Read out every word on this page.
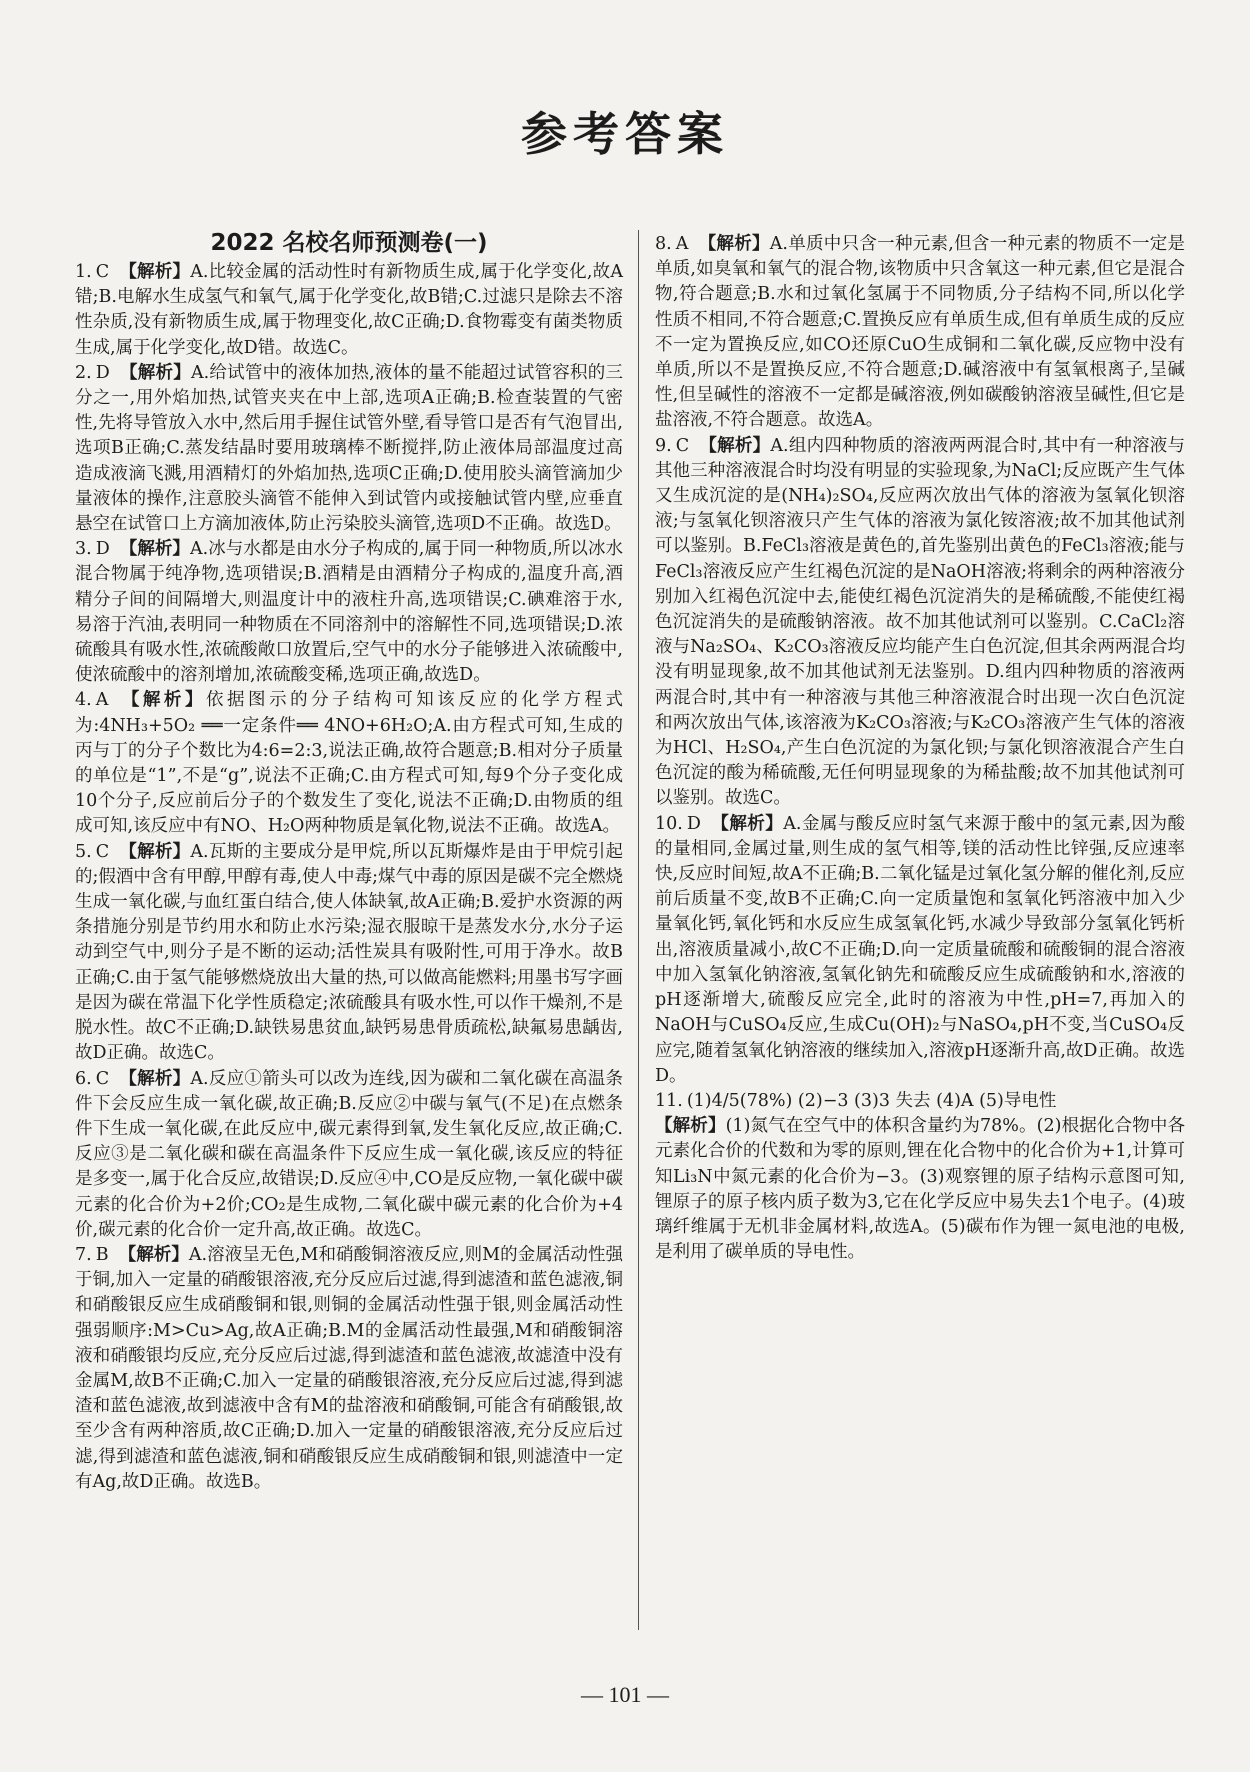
参考答案
2022 名校名师预测卷(一)

1. C 【解析】A.比较金属的活动性时有新物质生成,属于化学变化,故A错;B.电解水生成氢气和氧气,属于化学变化,故B错;C.过滤只是除去不溶性杂质,没有新物质生成,属于物理变化,故C正确;D.食物霉变有菌类物质生成,属于化学变化,故D错。故选C。

2. D 【解析】A.给试管中的液体加热,液体的量不能超过试管容积的三分之一,用外焰加热,试管夹夹在中上部,选项A正确;B.检查装置的气密性,先将导管放入水中,然后用手握住试管外壁,看导管口是否有气泡冒出,选项B正确;C.蒸发结晶时要用玻璃棒不断搅拌,防止液体局部温度过高造成液滴飞溅,用酒精灯的外焰加热,选项C正确;D.使用胶头滴管滴加少量液体的操作,注意胶头滴管不能伸入到试管内或接触试管内壁,应垂直悬空在试管口上方滴加液体,防止污染胶头滴管,选项D不正确。故选D。

3. D 【解析】A.冰与水都是由水分子构成的,属于同一种物质,所以冰水混合物属于纯净物,选项错误;B.酒精是由酒精分子构成的,温度升高,酒精分子间的间隔增大,则温度计中的液柱升高,选项错误;C.碘难溶于水,易溶于汽油,表明同一种物质在不同溶剂中的溶解性不同,选项错误;D.浓硫酸具有吸水性,浓硫酸敞口放置后,空气中的水分子能够进入浓硫酸中,使浓硫酸中的溶剂增加,浓硫酸变稀,选项正确,故选D。

4. A 【解析】依据图示的分子结构可知该反应的化学方程式为:4NH₃+5O₂ ══一定条件══ 4NO+6H₂O;A.由方程式可知,生成的丙与丁的分子个数比为4:6=2:3,说法正确,故符合题意;B.相对分子质量的单位是“1”,不是“g”,说法不正确;C.由方程式可知,每9个分子变化成10个分子,反应前后分子的个数发生了变化,说法不正确;D.由物质的组成可知,该反应中有NO、H₂O两种物质是氧化物,说法不正确。故选A。

5. C 【解析】A.瓦斯的主要成分是甲烷,所以瓦斯爆炸是由于甲烷引起的;假酒中含有甲醇,甲醇有毒,使人中毒;煤气中毒的原因是碳不完全燃烧生成一氧化碳,与血红蛋白结合,使人体缺氧,故A正确;B.爱护水资源的两条措施分别是节约用水和防止水污染;湿衣服晾干是蒸发水分,水分子运动到空气中,则分子是不断的运动;活性炭具有吸附性,可用于净水。故B正确;C.由于氢气能够燃烧放出大量的热,可以做高能燃料;用墨书写字画是因为碳在常温下化学性质稳定;浓硫酸具有吸水性,可以作干燥剂,不是脱水性。故C不正确;D.缺铁易患贫血,缺钙易患骨质疏松,缺氟易患龋齿,故D正确。故选C。

6. C 【解析】A.反应①箭头可以改为连线,因为碳和二氧化碳在高温条件下会反应生成一氧化碳,故正确;B.反应②中碳与氧气(不足)在点燃条件下生成一氧化碳,在此反应中,碳元素得到氧,发生氧化反应,故正确;C.反应③是二氧化碳和碳在高温条件下反应生成一氧化碳,该反应的特征是多变一,属于化合反应,故错误;D.反应④中,CO是反应物,一氧化碳中碳元素的化合价为+2价;CO₂是生成物,二氧化碳中碳元素的化合价为+4价,碳元素的化合价一定升高,故正确。故选C。

7. B 【解析】A.溶液呈无色,M和硝酸铜溶液反应,则M的金属活动性强于铜,加入一定量的硝酸银溶液,充分反应后过滤,得到滤渣和蓝色滤液,铜和硝酸银反应生成硝酸铜和银,则铜的金属活动性强于银,则金属活动性强弱顺序:M>Cu>Ag,故A正确;B.M的金属活动性最强,M和硝酸铜溶液和硝酸银均反应,充分反应后过滤,得到滤渣和蓝色滤液,故滤渣中没有金属M,故B不正确;C.加入一定量的硝酸银溶液,充分反应后过滤,得到滤渣和蓝色滤液,故到滤液中含有M的盐溶液和硝酸铜,可能含有硝酸银,故至少含有两种溶质,故C正确;D.加入一定量的硝酸银溶液,充分反应后过滤,得到滤渣和蓝色滤液,铜和硝酸银反应生成硝酸铜和银,则滤渣中一定有Ag,故D正确。故选B。

8. A 【解析】A.单质中只含一种元素,但含一种元素的物质不一定是单质,如臭氧和氧气的混合物,该物质中只含氧这一种元素,但它是混合物,符合题意;B.水和过氧化氢属于不同物质,分子结构不同,所以化学性质不相同,不符合题意;C.置换反应有单质生成,但有单质生成的反应不一定为置换反应,如CO还原CuO生成铜和二氧化碳,反应物中没有单质,所以不是置换反应,不符合题意;D.碱溶液中有氢氧根离子,呈碱性,但呈碱性的溶液不一定都是碱溶液,例如碳酸钠溶液呈碱性,但它是盐溶液,不符合题意。故选A。

9. C 【解析】A.组内四种物质的溶液两两混合时,其中有一种溶液与其他三种溶液混合时均没有明显的实验现象,为NaCl;反应既产生气体又生成沉淀的是(NH₄)₂SO₄,反应两次放出气体的溶液为氢氧化钡溶液;与氢氧化钡溶液只产生气体的溶液为氯化铵溶液;故不加其他试剂可以鉴别。B.FeCl₃溶液是黄色的,首先鉴别出黄色的FeCl₃溶液;能与FeCl₃溶液反应产生红褐色沉淀的是NaOH溶液;将剩余的两种溶液分别加入红褐色沉淀中去,能使红褐色沉淀消失的是稀硫酸,不能使红褐色沉淀消失的是硫酸钠溶液。故不加其他试剂可以鉴别。C.CaCl₂溶液与Na₂SO₄、K₂CO₃溶液反应均能产生白色沉淀,但其余两两混合均没有明显现象,故不加其他试剂无法鉴别。D.组内四种物质的溶液两两混合时,其中有一种溶液与其他三种溶液混合时出现一次白色沉淀和两次放出气体,该溶液为K₂CO₃溶液;与K₂CO₃溶液产生气体的溶液为HCl、H₂SO₄,产生白色沉淀的为氯化钡;与氯化钡溶液混合产生白色沉淀的酸为稀硫酸,无任何明显现象的为稀盐酸;故不加其他试剂可以鉴别。故选C。

10. D 【解析】A.金属与酸反应时氢气来源于酸中的氢元素,因为酸的量相同,金属过量,则生成的氢气相等,镁的活动性比锌强,反应速率快,反应时间短,故A不正确;B.二氧化锰是过氧化氢分解的催化剂,反应前后质量不变,故B不正确;C.向一定质量饱和氢氧化钙溶液中加入少量氧化钙,氧化钙和水反应生成氢氧化钙,水减少导致部分氢氧化钙析出,溶液质量减小,故C不正确;D.向一定质量硫酸和硫酸铜的混合溶液中加入氢氧化钠溶液,氢氧化钠先和硫酸反应生成硫酸钠和水,溶液的pH逐渐增大,硫酸反应完全,此时的溶液为中性,pH=7,再加入的NaOH与CuSO₄反应,生成Cu(OH)₂与NaSO₄,pH不变,当CuSO₄反应完,随着氢氧化钠溶液的继续加入,溶液pH逐渐升高,故D正确。故选D。

11. (1)4/5(78%) (2)−3 (3)3 失去 (4)A (5)导电性
【解析】(1)氮气在空气中的体积含量约为78%。(2)根据化合物中各元素化合价的代数和为零的原则,锂在化合物中的化合价为+1,计算可知Li₃N中氮元素的化合价为−3。(3)观察锂的原子结构示意图可知,锂原子的原子核内质子数为3,它在化学反应中易失去1个电子。(4)玻璃纤维属于无机非金属材料,故选A。(5)碳布作为锂一氮电池的电极,是利用了碳单质的导电性。

— 101 —
